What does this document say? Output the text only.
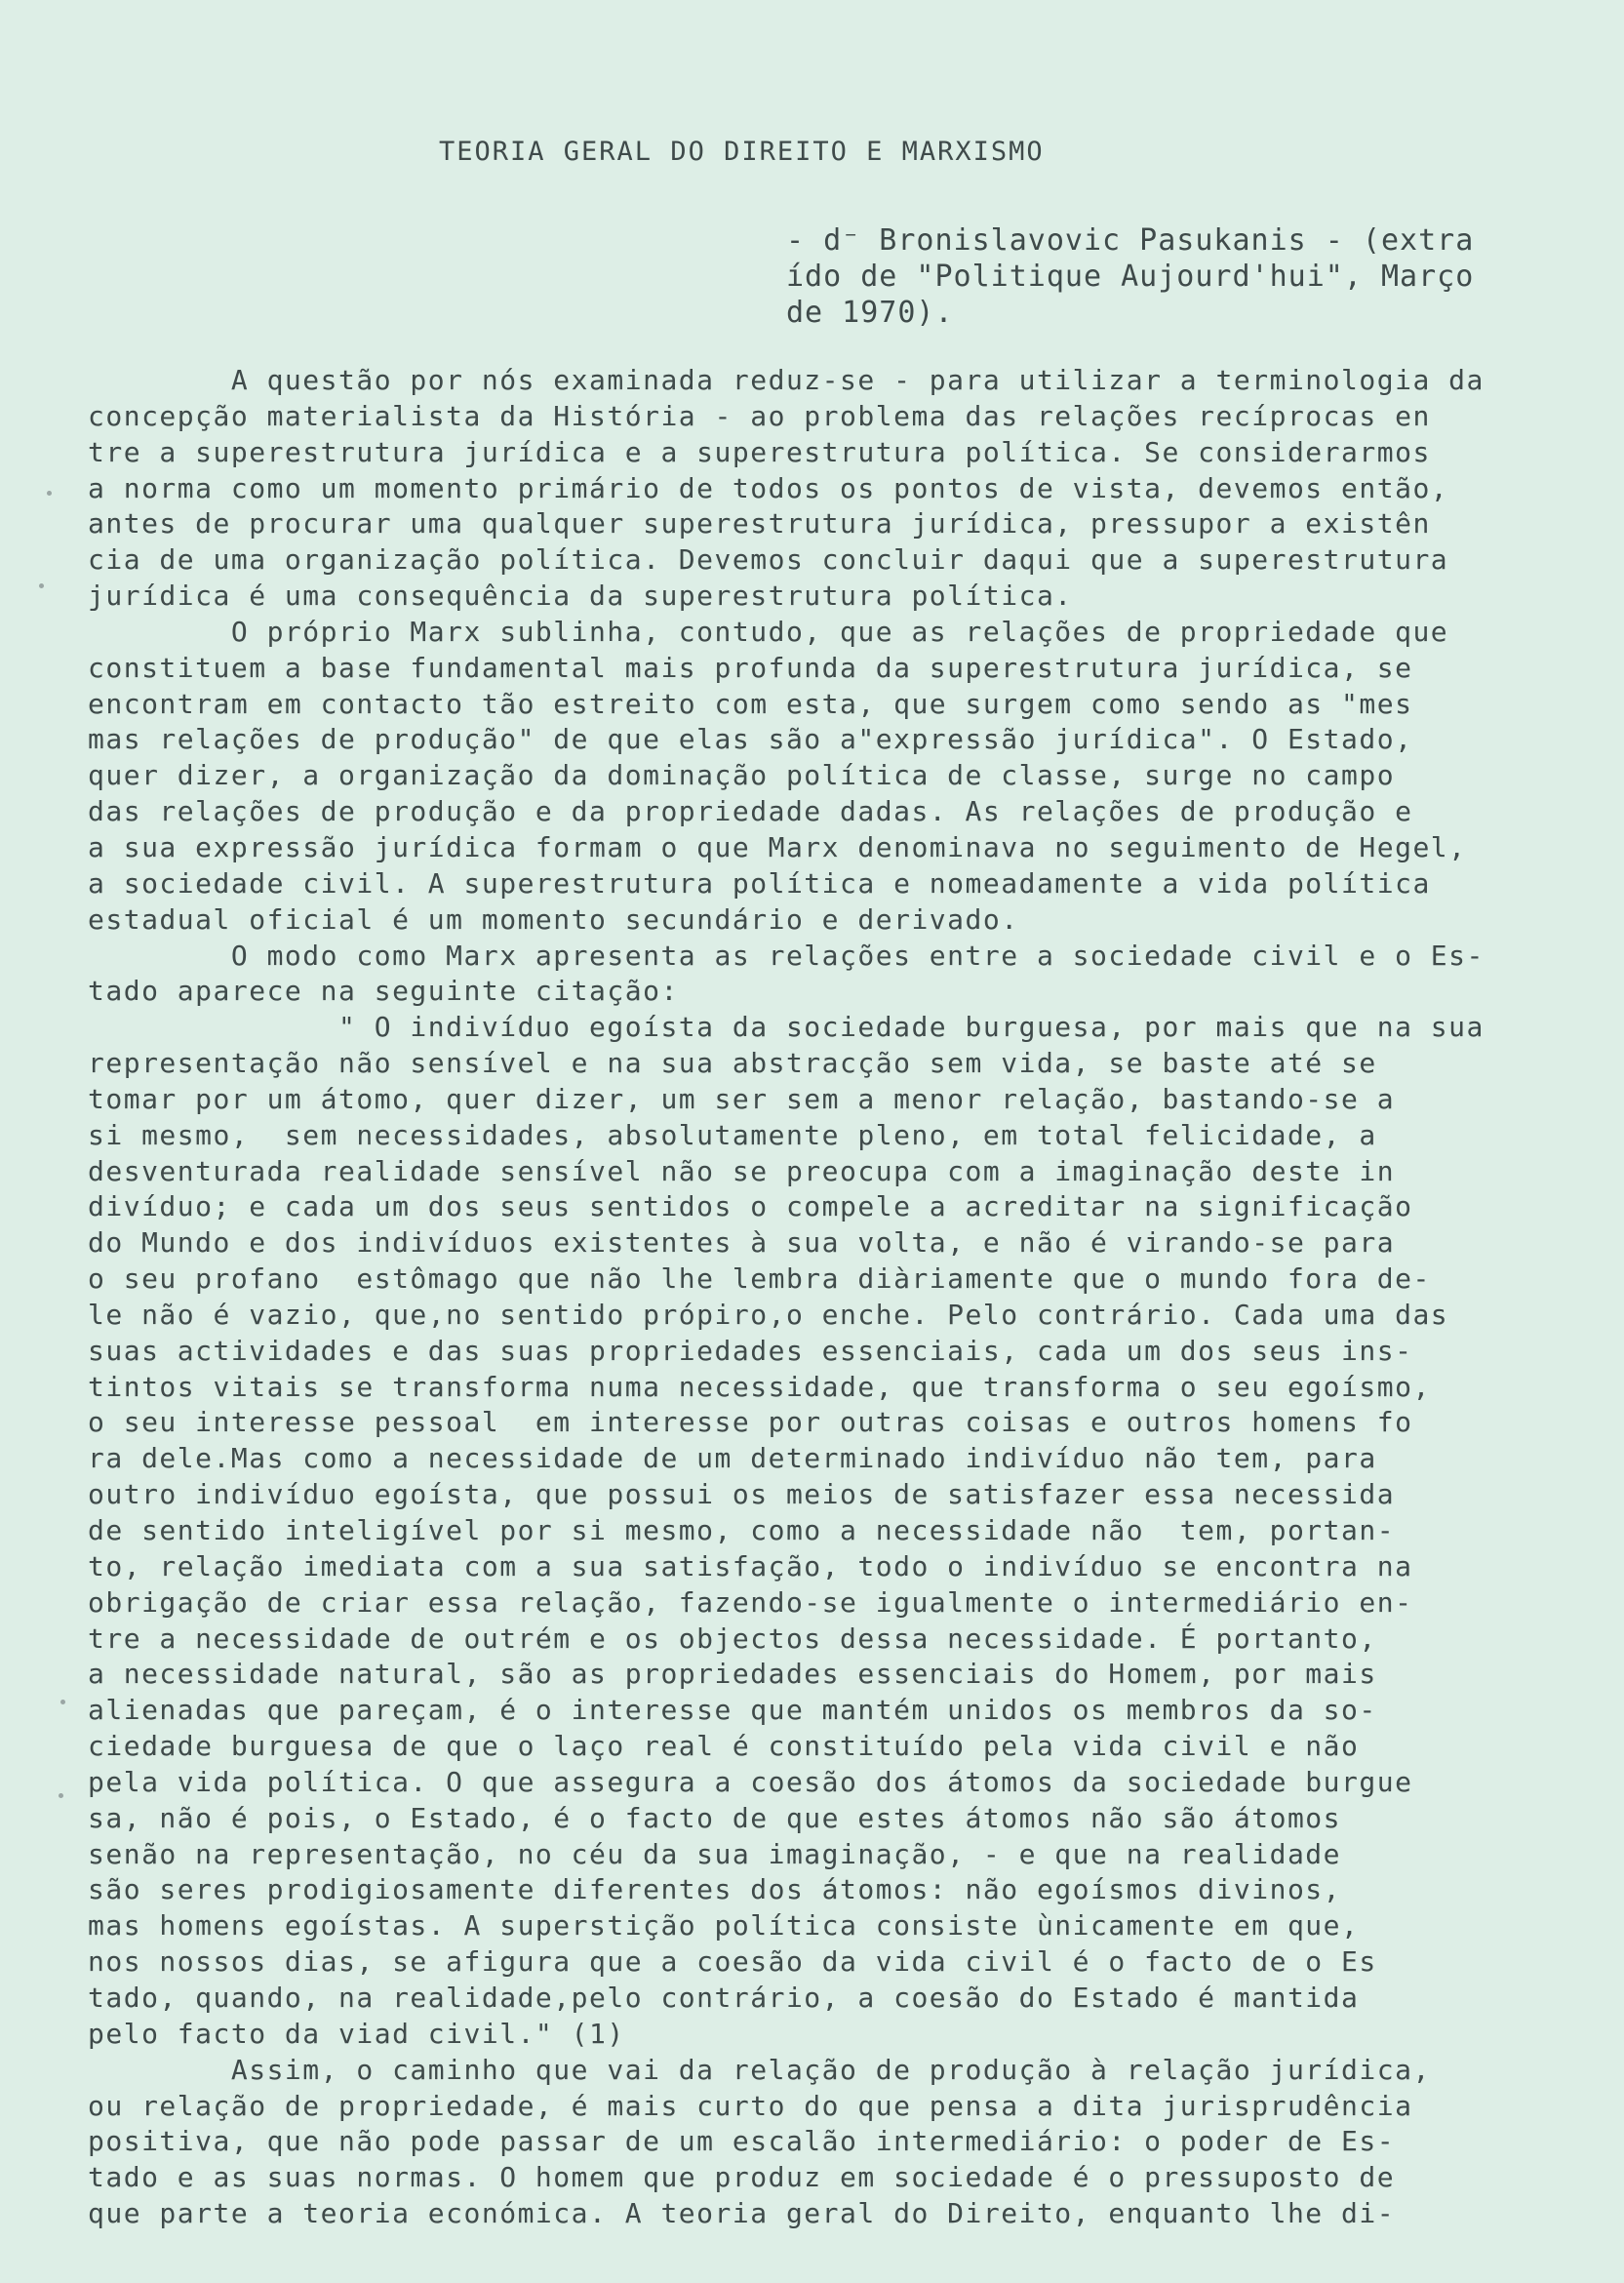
TEORIA GERAL DO DIREITO E MARXISMO
- d⁻ Bronislavovic Pasukanis - (extra
ído de "Politique Aujourd'hui", Março
de 1970).
A questão por nós examinada reduz-se - para utilizar a terminologia da
concepção materialista da História - ao problema das relações recíprocas en
tre a superestrutura jurídica e a superestrutura política. Se considerarmos
a norma como um momento primário de todos os pontos de vista, devemos então,
antes de procurar uma qualquer superestrutura jurídica, pressupor a existên
cia de uma organização política. Devemos concluir daqui que a superestrutura
jurídica é uma consequência da superestrutura política.
O próprio Marx sublinha, contudo, que as relações de propriedade que
constituem a base fundamental mais profunda da superestrutura jurídica, se
encontram em contacto tão estreito com esta, que surgem como sendo as "mes
mas relações de produção" de que elas são a"expressão jurídica". O Estado,
quer dizer, a organização da dominação política de classe, surge no campo
das relações de produção e da propriedade dadas. As relações de produção e
a sua expressão jurídica formam o que Marx denominava no seguimento de Hegel,
a sociedade civil. A superestrutura política e nomeadamente a vida política
estadual oficial é um momento secundário e derivado.
O modo como Marx apresenta as relações entre a sociedade civil e o Es-
tado aparece na seguinte citação:
" O indivíduo egoísta da sociedade burguesa, por mais que na sua
representação não sensível e na sua abstracção sem vida, se baste até se
tomar por um átomo, quer dizer, um ser sem a menor relação, bastando-se a
si mesmo,  sem necessidades, absolutamente pleno, em total felicidade, a
desventurada realidade sensível não se preocupa com a imaginação deste in
divíduo; e cada um dos seus sentidos o compele a acreditar na significação
do Mundo e dos indivíduos existentes à sua volta, e não é virando-se para
o seu profano  estômago que não lhe lembra diàriamente que o mundo fora de-
le não é vazio, que,no sentido própiro,o enche. Pelo contrário. Cada uma das
suas actividades e das suas propriedades essenciais, cada um dos seus ins-
tintos vitais se transforma numa necessidade, que transforma o seu egoísmo,
o seu interesse pessoal  em interesse por outras coisas e outros homens fo
ra dele.Mas como a necessidade de um determinado indivíduo não tem, para
outro indivíduo egoísta, que possui os meios de satisfazer essa necessida
de sentido inteligível por si mesmo, como a necessidade não  tem, portan-
to, relação imediata com a sua satisfação, todo o indivíduo se encontra na
obrigação de criar essa relação, fazendo-se igualmente o intermediário en-
tre a necessidade de outrém e os objectos dessa necessidade. É portanto,
a necessidade natural, são as propriedades essenciais do Homem, por mais
alienadas que pareçam, é o interesse que mantém unidos os membros da so-
ciedade burguesa de que o laço real é constituído pela vida civil e não
pela vida política. O que assegura a coesão dos átomos da sociedade burgue
sa, não é pois, o Estado, é o facto de que estes átomos não são átomos
senão na representação, no céu da sua imaginação, - e que na realidade
são seres prodigiosamente diferentes dos átomos: não egoísmos divinos,
mas homens egoístas. A superstição política consiste ùnicamente em que,
nos nossos dias, se afigura que a coesão da vida civil é o facto de o Es
tado, quando, na realidade,pelo contrário, a coesão do Estado é mantida
pelo facto da viad civil." (1)
Assim, o caminho que vai da relação de produção à relação jurídica,
ou relação de propriedade, é mais curto do que pensa a dita jurisprudência
positiva, que não pode passar de um escalão intermediário: o poder de Es-
tado e as suas normas. O homem que produz em sociedade é o pressuposto de
que parte a teoria económica. A teoria geral do Direito, enquanto lhe di-
